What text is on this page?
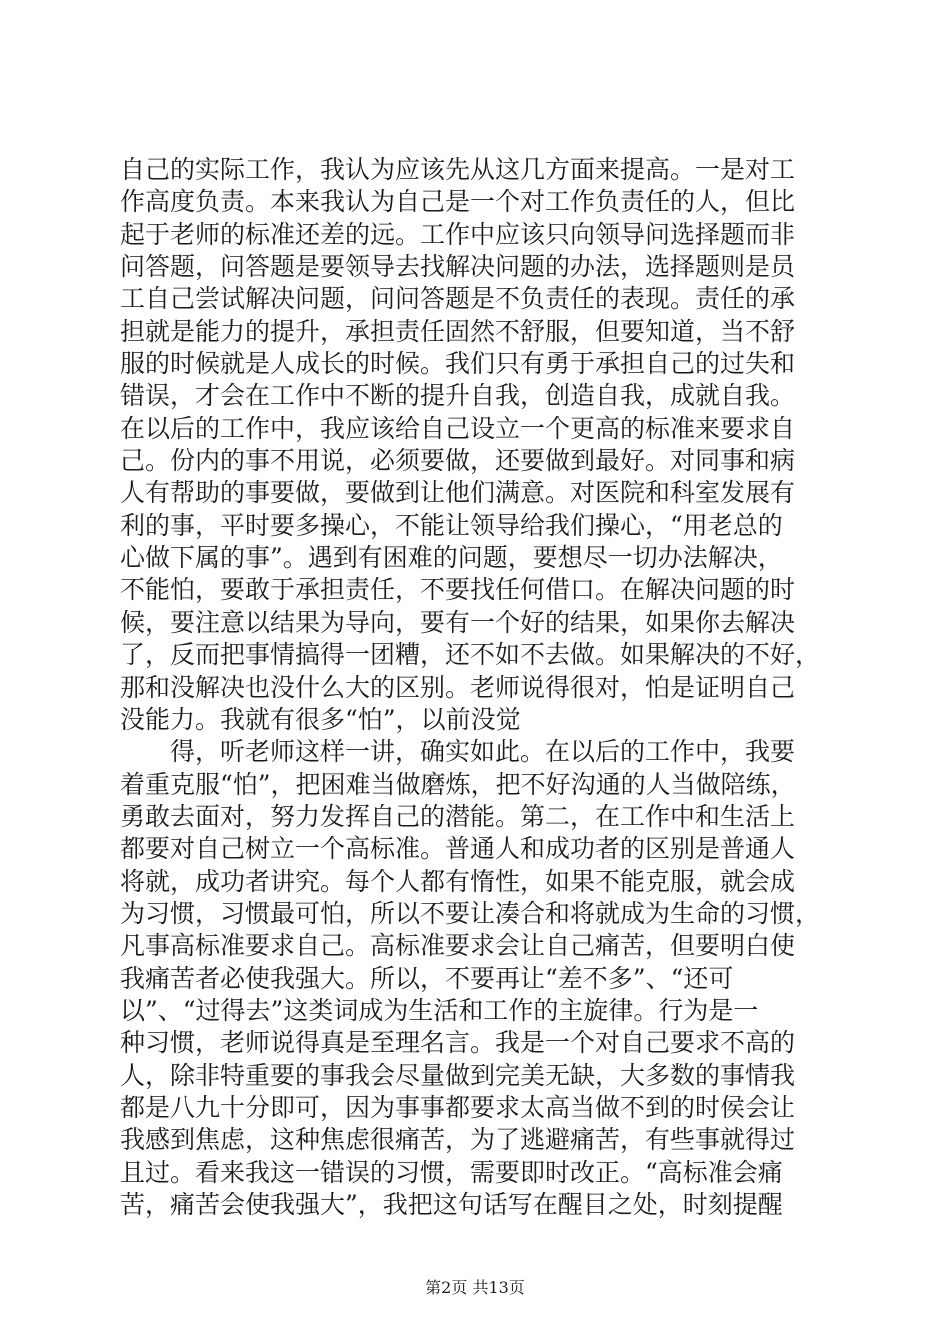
自己的实际工作，我认为应该先从这几方面来提高。一是对工
作高度负责。本来我认为自己是一个对工作负责任的人，但比
起于老师的标准还差的远。工作中应该只向领导问选择题而非
问答题，问答题是要领导去找解决问题的办法，选择题则是员
工自己尝试解决问题，问问答题是不负责任的表现。责任的承
担就是能力的提升，承担责任固然不舒服，但要知道，当不舒
服的时候就是人成长的时候。我们只有勇于承担自己的过失和
错误，才会在工作中不断的提升自我，创造自我，成就自我。
在以后的工作中，我应该给自己设立一个更高的标准来要求自
己。份内的事不用说，必须要做，还要做到最好。对同事和病
人有帮助的事要做，要做到让他们满意。对医院和科室发展有
利的事，平时要多操心，不能让领导给我们操心，“用老总的
心做下属的事”。遇到有困难的问题，要想尽一切办法解决，
不能怕，要敢于承担责任，不要找任何借口。在解决问题的时
候，要注意以结果为导向，要有一个好的结果，如果你去解决
了，反而把事情搞得一团糟，还不如不去做。如果解决的不好，
那和没解决也没什么大的区别。老师说得很对，怕是证明自己
没能力。我就有很多“怕”，以前没觉
　　得，听老师这样一讲，确实如此。在以后的工作中，我要
着重克服“怕”，把困难当做磨炼，把不好沟通的人当做陪练，
勇敢去面对，努力发挥自己的潜能。第二，在工作中和生活上
都要对自己树立一个高标准。普通人和成功者的区别是普通人
将就，成功者讲究。每个人都有惰性，如果不能克服，就会成
为习惯，习惯最可怕，所以不要让凑合和将就成为生命的习惯，
凡事高标准要求自己。高标准要求会让自己痛苦，但要明白使
我痛苦者必使我强大。所以，不要再让“差不多”、“还可
以”、“过得去”这类词成为生活和工作的主旋律。行为是一
种习惯，老师说得真是至理名言。我是一个对自己要求不高的
人，除非特重要的事我会尽量做到完美无缺，大多数的事情我
都是八九十分即可，因为事事都要求太高当做不到的时侯会让
我感到焦虑，这种焦虑很痛苦，为了逃避痛苦，有些事就得过
且过。看来我这一错误的习惯，需要即时改正。“高标准会痛
苦，痛苦会使我强大”，我把这句话写在醒目之处，时刻提醒
第2页 共13页
